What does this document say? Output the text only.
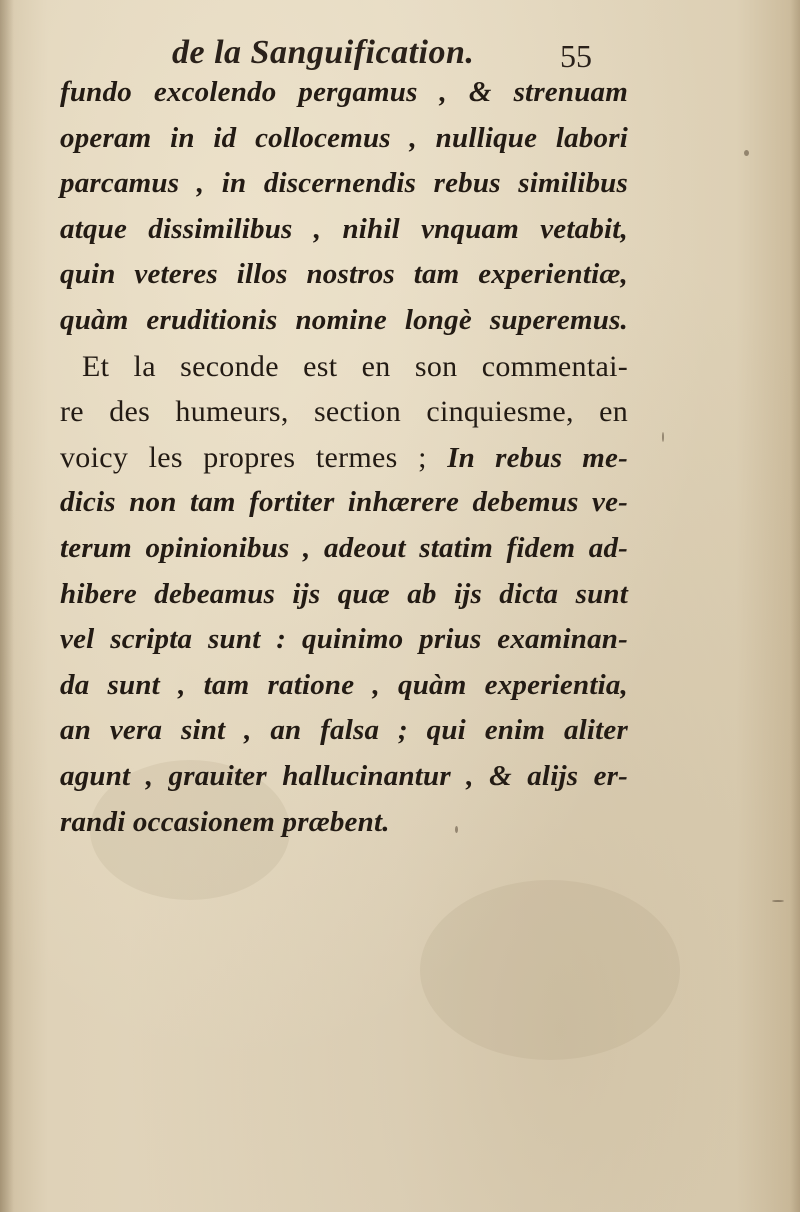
de la Sanguification.	55
fundo excolendo pergamus , & strenuam
operam in id collocemus , nullique labori
parcamus , in discernendis rebus similibus
atque dissimilibus , nihil vnquam vetabit,
quin veteres illos nostros tam experientiæ,
quàm eruditionis nomine longè superemus.
Et la seconde est en son commentai-
re des humeurs, section cinquiesme, en
voicy les propres termes ; In rebus me-
dicis non tam fortiter inhærere debemus ve-
terum opinionibus , adeout statim fidem ad-
hibere debeamus ijs quæ ab ijs dicta sunt
vel scripta sunt : quinimo prius examinan-
da sunt , tam ratione , quàm experientia,
an vera sint , an falsa ; qui enim aliter
agunt , grauiter hallucinantur , & alijs er-
randi occasionem præbent.
